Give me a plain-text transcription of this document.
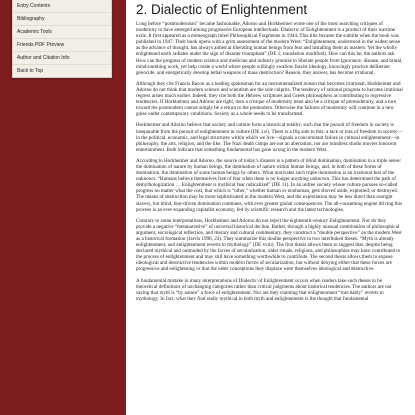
Entry Contents
Bibliography
Academic Tools
Friends PDF Preview
Author and Citation Info
Back to Top
2. Dialectic of Enlightenment

Long before “postmodernism” became fashionable, Adorno and Horkheimer wrote one of the most searching critiques of modernity to have emerged among progressive European intellectuals. Dialectic of Enlightenment is a product of their wartime exile. It first appeared as a mimeograph titled Philosophical Fragments in 1944. This title became the subtitle when the book was published in 1947. Their book opens with a grim assessment of the modern West: “Enlightenment, understood in the widest sense as the advance of thought, has always aimed at liberating human beings from fear and installing them as masters. Yet the wholly enlightened earth radiates under the sign of disaster triumphant” (DE 1; translation modified). How can this be, the authors ask. How can the progress of modern science and medicine and industry promise to liberate people from ignorance, disease, and brutal, mind-numbing work, yet help create a world where people willingly swallow fascist ideology, knowingly practice deliberate genocide, and energetically develop lethal weapons of mass destruction? Reason, they answer, has become irrational.

Although they cite Francis Bacon as a leading spokesman for an instrumentalized reason that becomes irrational, Horkheimer and Adorno do not think that modern science and scientism are the sole culprits. The tendency of rational progress to become irrational regress arises much earlier. Indeed, they cite both the Hebrew scriptures and Greek philosophers as contributing to regressive tendencies. If Horkheimer and Adorno are right, then a critique of modernity must also be a critique of premodernity, and a turn toward the postmodern cannot simply be a return to the premodern. Otherwise the failures of modernity will continue in a new guise under contemporary conditions. Society as a whole needs to be transformed.

Horkheimer and Adorno believe that society and culture form a historical totality, such that the pursuit of freedom in society is inseparable from the pursuit of enlightenment in culture (DE xvi). There is a flip side to this: a lack or loss of freedom in society—in the political, economic, and legal structures within which we live—signals a concomitant failure in cultural enlightenment—in philosophy, the arts, religion, and the like. The Nazi death camps are not an aberration, nor are mindless studio movies innocent entertainment. Both indicate that something fundamental has gone wrong in the modern West.

According to Horkheimer and Adorno, the source of today’s disaster is a pattern of blind domination, domination in a triple sense: the domination of nature by human beings, the domination of nature within human beings, and, in both of these forms of domination, the domination of some human beings by others. What motivates such triple domination is an irrational fear of the unknown: “Humans believe themselves free of fear when there is no longer anything unknown. This has determined the path of demythologization … Enlightenment is mythical fear radicalized” (DE 11). In an unfree society whose culture pursues so-called progress no matter what the cost, that which is “other,” whether human or nonhuman, gets shoved aside, exploited, or destroyed. The means of destruction may be more sophisticated in the modern West, and the exploitation may be less direct than outright slavery, but blind, fear-driven domination continues, with ever greater global consequences. The all-consuming engine driving this process is an ever-expanding capitalist economy, fed by scientific research and the latest technologies.

Contrary to some interpretations, Horkheimer and Adorno do not reject the eighteenth-century Enlightenment. Nor do they provide a negative “metanarrative” of universal historical decline. Rather, through a highly unusual combination of philosophical argument, sociological reflection, and literary and cultural commentary, they construct a “double perspective” on the modern West as a historical formation (Jarvis 1998, 23). They summarize this double perspective in two interlinked theses: “Myth is already enlightenment, and enlightenment reverts to mythology” (DE xviii). The first thesis allows them to suggest that, despite being declared mythical and outmoded by the forces of secularization, older rituals, religions, and philosophies may have contributed to the process of enlightenment and may still have something worthwhile to contribute. The second thesis allows them to expose ideological and destructive tendencies within modern forces of secularization, but without denying either that these forces are progressive and enlightening or that the older conceptions they displace were themselves ideological and destructive.

A fundamental mistake in many interpretations of Dialectic of Enlightenment occurs when readers take such theses to be theoretical definitions of unchanging categories rather than critical judgments about historical tendencies. The authors are not saying that myth is “by nature” a force of enlightenment. Nor are they claiming that enlightenment “inevitably” reverts to mythology. In fact, what they find really mythical in both myth and enlightenment is the thought that fundamental
